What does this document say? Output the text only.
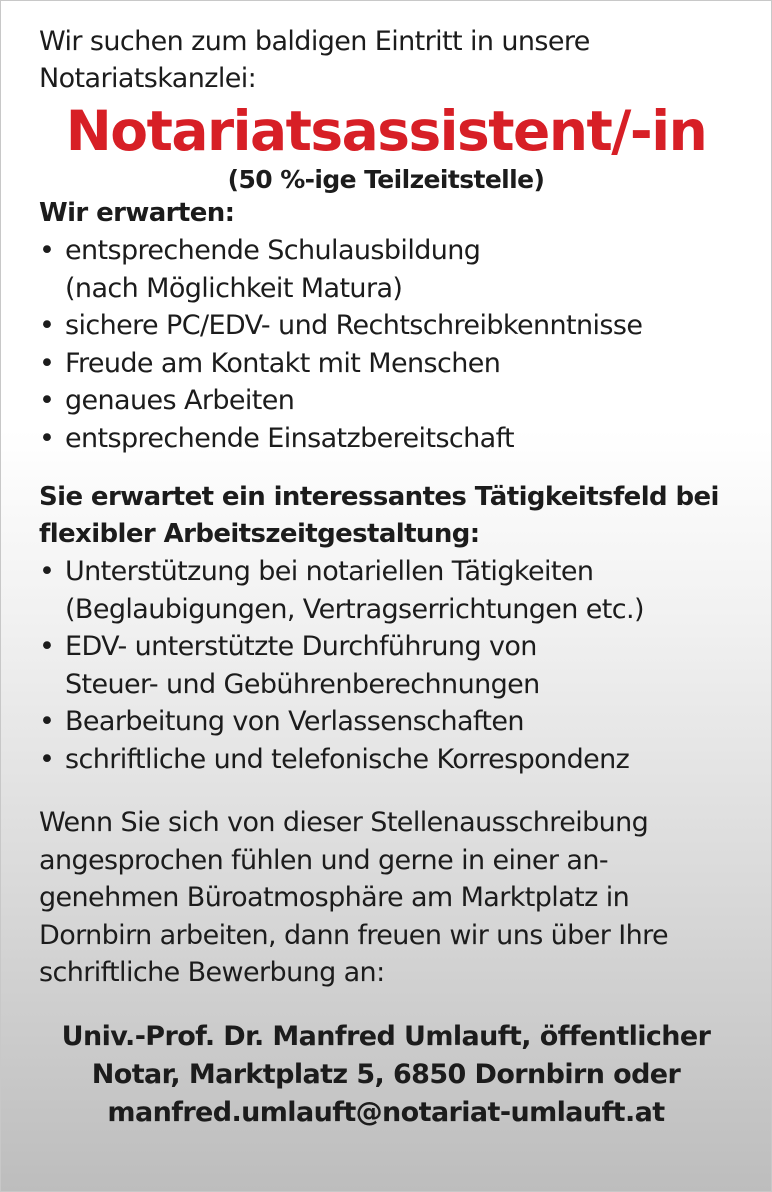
Wir suchen zum baldigen Eintritt in unsere Notariatskanzlei:

Notariatsassistent/-in
(50 %-ige Teilzeitstelle)
Wir erwarten:
• entsprechende Schulausbildung
(nach Möglichkeit Matura)
• sichere PC/EDV- und Rechtschreibkenntnisse
• Freude am Kontakt mit Menschen
• genaues Arbeiten
• entsprechende Einsatzbereitschaft
Sie erwartet ein interessantes Tätigkeitsfeld bei flexibler Arbeitszeitgestaltung:
• Unterstützung bei notariellen Tätigkeiten
(Beglaubigungen, Vertragserrichtungen etc.)
• EDV- unterstützte Durchführung von
Steuer- und Gebührenberechnungen
• Bearbeitung von Verlassenschaften
• schriftliche und telefonische Korrespondenz

Wenn Sie sich von dieser Stellenausschreibung
angesprochen fühlen und gerne in einer an-
genehmen Büroatmosphäre am Marktplatz in
Dornbirn arbeiten, dann freuen wir uns über Ihre
schriftliche Bewerbung an:

Univ.-Prof. Dr. Manfred Umlauft, öffentlicher
Notar, Marktplatz 5, 6850 Dornbirn oder
manfred.umlauft@notariat-umlauft.at
